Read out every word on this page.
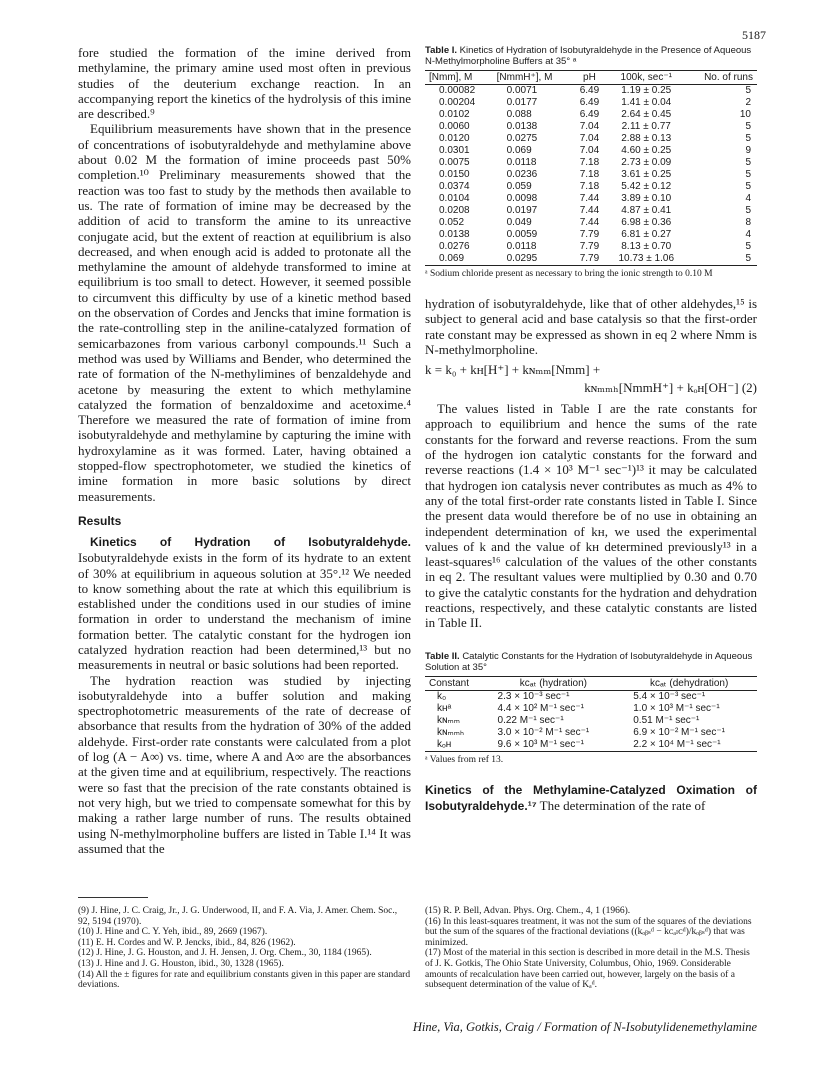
5187

fore studied the formation of the imine derived from methylamine, the primary amine used most often in previous studies of the deuterium exchange reaction. In an accompanying report the kinetics of the hydrolysis of this imine are described.⁹

Equilibrium measurements have shown that in the presence of concentrations of isobutyraldehyde and methylamine above about 0.02 M the formation of imine proceeds past 50% completion.¹⁰ Preliminary measurements showed that the reaction was too fast to study by the methods then available to us. The rate of formation of imine may be decreased by the addition of acid to transform the amine to its unreactive conjugate acid, but the extent of reaction at equilibrium is also decreased, and when enough acid is added to protonate all the methylamine the amount of aldehyde transformed to imine at equilibrium is too small to detect. However, it seemed possible to circumvent this difficulty by use of a kinetic method based on the observation of Cordes and Jencks that imine formation is the rate-controlling step in the aniline-catalyzed formation of semicarbazones from various carbonyl compounds.¹¹ Such a method was used by Williams and Bender, who determined the rate of formation of the N-methylimines of benzaldehyde and acetone by measuring the extent to which methylamine catalyzed the formation of benzaldoxime and acetoxime.⁴ Therefore we measured the rate of formation of imine from isobutyraldehyde and methylamine by capturing the imine with hydroxylamine as it was formed. Later, having obtained a stopped-flow spectrophotometer, we studied the kinetics of imine formation in more basic solutions by direct measurements.

Results

Kinetics of Hydration of Isobutyraldehyde. Isobutyraldehyde exists in the form of its hydrate to an extent of 30% at equilibrium in aqueous solution at 35°.¹² We needed to know something about the rate at which this equilibrium is established under the conditions used in our studies of imine formation in order to understand the mechanism of imine formation better. The catalytic constant for the hydrogen ion catalyzed hydration reaction had been determined,¹³ but no measurements in neutral or basic solutions had been reported.

The hydration reaction was studied by injecting isobutyraldehyde into a buffer solution and making spectrophotometric measurements of the rate of decrease of absorbance that results from the hydration of 30% of the added aldehyde. First-order rate constants were calculated from a plot of log (A − A∞) vs. time, where A and A∞ are the absorbances at the given time and at equilibrium, respectively. The reactions were so fast that the precision of the rate constants obtained is not very high, but we tried to compensate somewhat for this by making a rather large number of runs. The results obtained using N-methylmorpholine buffers are listed in Table I.¹⁴ It was assumed that the

Table I. Kinetics of Hydration of Isobutyraldehyde in the Presence of Aqueous N-Methylmorpholine Buffers at 35° ᵃ

[Nmm], M	[NmmH⁺], M	pH	100k, sec⁻¹	No. of runs
0.00082	0.0071	6.49	1.19 ± 0.25	5
0.00204	0.0177	6.49	1.41 ± 0.04	2
0.0102	0.088	6.49	2.64 ± 0.45	10
0.0060	0.0138	7.04	2.11 ± 0.77	5
0.0120	0.0275	7.04	2.88 ± 0.13	5
0.0301	0.069	7.04	4.60 ± 0.25	9
0.0075	0.0118	7.18	2.73 ± 0.09	5
0.0150	0.0236	7.18	3.61 ± 0.25	5
0.0374	0.059	7.18	5.42 ± 0.12	5
0.0104	0.0098	7.44	3.89 ± 0.10	4
0.0208	0.0197	7.44	4.87 ± 0.41	5
0.052	0.049	7.44	6.98 ± 0.36	8
0.0138	0.0059	7.79	6.81 ± 0.27	4
0.0276	0.0118	7.79	8.13 ± 0.70	5
0.069	0.0295	7.79	10.73 ± 1.06	5

ᵃ Sodium chloride present as necessary to bring the ionic strength to 0.10 M

hydration of isobutyraldehyde, like that of other aldehydes,¹⁵ is subject to general acid and base catalysis so that the first-order rate constant may be expressed as shown in eq 2 where Nmm is N-methylmorpholine.

k = k₀ + kʜ[H⁺] + kɴₘₘ[Nmm] +
kɴₘₘₕ[NmmH⁺] + kₒʜ[OH⁻] (2)

The values listed in Table I are the rate constants for approach to equilibrium and hence the sums of the rate constants for the forward and reverse reactions. From the sum of the hydrogen ion catalytic constants for the forward and reverse reactions (1.4 × 10³ M⁻¹ sec⁻¹)¹³ it may be calculated that hydrogen ion catalysis never contributes as much as 4% to any of the total first-order rate constants listed in Table I. Since the present data would therefore be of no use in obtaining an independent determination of kʜ, we used the experimental values of k and the value of kʜ determined previously¹³ in a least-squares¹⁶ calculation of the values of the other constants in eq 2. The resultant values were multiplied by 0.30 and 0.70 to give the catalytic constants for the hydration and dehydration reactions, respectively, and these catalytic constants are listed in Table II.

Table II. Catalytic Constants for the Hydration of Isobutyraldehyde in Aqueous Solution at 35°

Constant	kᴄₐₜ (hydration)	kᴄₐₜ (dehydration)
k₀	2.3 × 10⁻³ sec⁻¹	5.4 × 10⁻³ sec⁻¹
kʜᵃ	4.4 × 10² M⁻¹ sec⁻¹	1.0 × 10³ M⁻¹ sec⁻¹
kɴₘₘ	0.22 M⁻¹ sec⁻¹	0.51 M⁻¹ sec⁻¹
kɴₘₘₕ	3.0 × 10⁻² M⁻¹ sec⁻¹	6.9 × 10⁻² M⁻¹ sec⁻¹
kₒʜ	9.6 × 10³ M⁻¹ sec⁻¹	2.2 × 10⁴ M⁻¹ sec⁻¹

ᵃ Values from ref 13.

Kinetics of the Methylamine-Catalyzed Oximation of Isobutyraldehyde.¹⁷ The determination of the rate of

(9) J. Hine, J. C. Craig, Jr., J. G. Underwood, II, and F. A. Via, J. Amer. Chem. Soc., 92, 5194 (1970).
(10) J. Hine and C. Y. Yeh, ibid., 89, 2669 (1967).
(11) E. H. Cordes and W. P. Jencks, ibid., 84, 826 (1962).
(12) J. Hine, J. G. Houston, and J. H. Jensen, J. Org. Chem., 30, 1184 (1965).
(13) J. Hine and J. G. Houston, ibid., 30, 1328 (1965).
(14) All the ± figures for rate and equilibrium constants given in this paper are standard deviations.
(15) R. P. Bell, Advan. Phys. Org. Chem., 4, 1 (1966).
(16) In this least-squares treatment, it was not the sum of the squares of the deviations but the sum of the squares of the fractional deviations ((kₒᵦₛᵈ − kᴄₐₗᴄᵈ)/kₒᵦₛᵈ) that was minimized.
(17) Most of the material in this section is described in more detail in the M.S. Thesis of J. K. Gotkis, The Ohio State University, Columbus, Ohio, 1969. Considerable amounts of recalculation have been carried out, however, largely on the basis of a subsequent determination of the value of Kₐᵈ.
Hine, Via, Gotkis, Craig / Formation of N-Isobutylidenemethylamine
